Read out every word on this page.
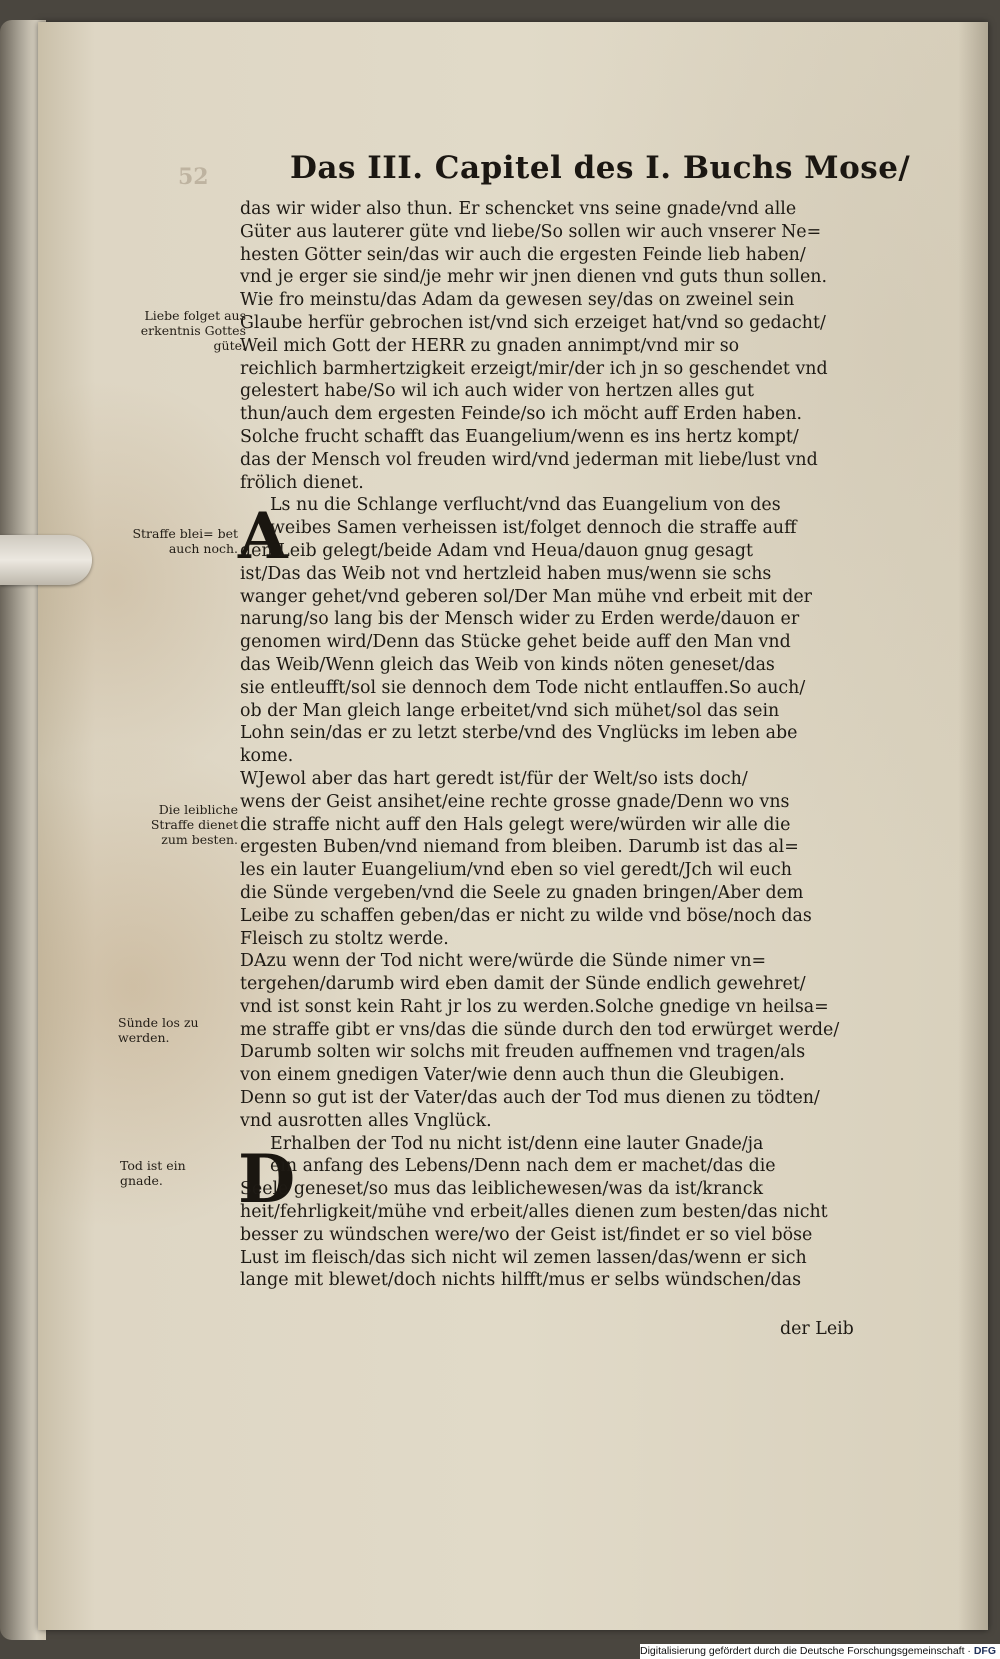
52	Das III. Capitel des I. Buchs Mose/
Liebe folget aus erkentnis Gottes güte.
Straffe blei= bet auch noch.
Die leibliche Straffe dienet zum besten.
Sünde los zu werden.
Tod ist ein gnade.
A
D

das wir wider also thun. Er schencket vns seine gnade/vnd alle
Güter aus lauterer güte vnd liebe/So sollen wir auch vnserer Ne=
hesten Götter sein/das wir auch die ergesten Feinde lieb haben/
vnd je erger sie sind/je mehr wir jnen dienen vnd guts thun sollen.
Wie fro meinstu/das Adam da gewesen sey/das on zweinel sein
Glaube herfür gebrochen ist/vnd sich erzeiget hat/vnd so gedacht/
Weil mich Gott der HERR zu gnaden annimpt/vnd mir so
reichlich barmhertzigkeit erzeigt/mir/der ich jn so geschendet vnd
gelestert habe/So wil ich auch wider von hertzen alles gut
thun/auch dem ergesten Feinde/so ich möcht auff Erden haben.
Solche frucht schafft das Euangelium/wenn es ins hertz kompt/
das der Mensch vol freuden wird/vnd jederman mit liebe/lust vnd
frölich dienet.

Ls nu die Schlange verflucht/vnd das Euangelium von des
weibes Samen verheissen ist/folget dennoch die straffe auff
den Leib gelegt/beide Adam vnd Heua/dauon gnug gesagt
ist/Das das Weib not vnd hertzleid haben mus/wenn sie schs
wanger gehet/vnd geberen sol/Der Man mühe vnd erbeit mit der
narung/so lang bis der Mensch wider zu Erden werde/dauon er
genomen wird/Denn das Stücke gehet beide auff den Man vnd
das Weib/Wenn gleich das Weib von kinds nöten geneset/das
sie entleufft/sol sie dennoch dem Tode nicht entlauffen.So auch/
ob der Man gleich lange erbeitet/vnd sich mühet/sol das sein
Lohn sein/das er zu letzt sterbe/vnd des Vnglücks im leben abe
kome.

WJewol aber das hart geredt ist/für der Welt/so ists doch/
wens der Geist ansihet/eine rechte grosse gnade/Denn wo vns
die straffe nicht auff den Hals gelegt were/würden wir alle die
ergesten Buben/vnd niemand from bleiben. Darumb ist das al=
les ein lauter Euangelium/vnd eben so viel geredt/Jch wil euch
die Sünde vergeben/vnd die Seele zu gnaden bringen/Aber dem
Leibe zu schaffen geben/das er nicht zu wilde vnd böse/noch das
Fleisch zu stoltz werde.

DAzu wenn der Tod nicht were/würde die Sünde nimer vn=
tergehen/darumb wird eben damit der Sünde endlich gewehret/
vnd ist sonst kein Raht jr los zu werden.Solche gnedige vn heilsa=
me straffe gibt er vns/das die sünde durch den tod erwürget werde/
Darumb solten wir solchs mit freuden auffnemen vnd tragen/als
von einem gnedigen Vater/wie denn auch thun die Gleubigen.
Denn so gut ist der Vater/das auch der Tod mus dienen zu tödten/
vnd ausrotten alles Vnglück.

Erhalben der Tod nu nicht ist/denn eine lauter Gnade/ja
ein anfang des Lebens/Denn nach dem er machet/das die
Seele geneset/so mus das leiblichewesen/was da ist/kranck
heit/fehrligkeit/mühe vnd erbeit/alles dienen zum besten/das nicht
besser zu wündschen were/wo der Geist ist/findet er so viel böse
Lust im fleisch/das sich nicht wil zemen lassen/das/wenn er sich
lange mit blewet/doch nichts hilfft/mus er selbs wündschen/das

der Leib
Digitalisierung gefördert durch die Deutsche Forschungsgemeinschaft · DFG
